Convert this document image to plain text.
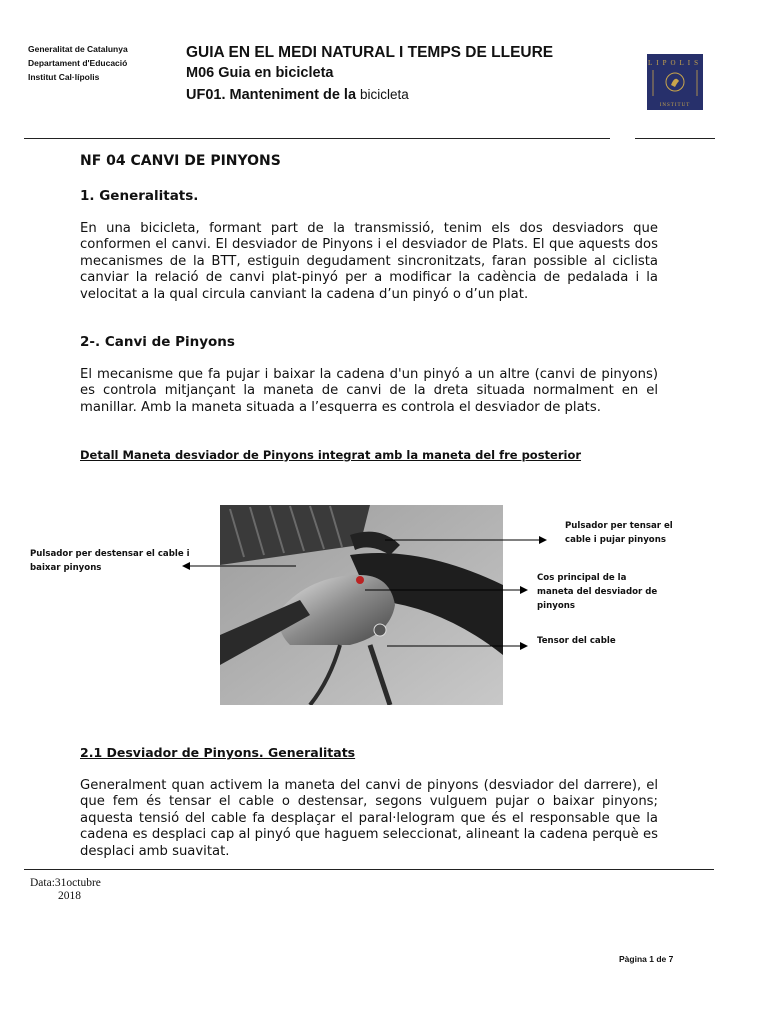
Generalitat de Catalunya
Departament d'Educació
Institut Cal·lípolis
GUIA EN EL MEDI NATURAL I TEMPS DE LLEURE
M06 Guia en bicicleta
UF01. Manteniment de la bicicleta
LIPOLIS
INSTITUT
NF 04 CANVI DE PINYONS
1. Generalitats.
En una bicicleta, formant part de la transmissió, tenim els dos desviadors que conformen el canvi. El desviador de Pinyons i el desviador de Plats. El que aquests dos mecanismes de la BTT, estiguin degudament sincronitzats, faran possible al ciclista canviar la relació de canvi plat-pinyó per a modificar la cadència de pedalada i la velocitat a la qual circula canviant la cadena d’un pinyó o d’un plat.
2-. Canvi de Pinyons
El mecanisme que fa pujar i baixar la cadena d'un pinyó a un altre (canvi de pinyons) es controla mitjançant la maneta de canvi de la dreta situada normalment en el manillar. Amb la maneta situada a l’esquerra es controla el desviador de plats.
Detall Maneta desviador de Pinyons integrat amb la maneta del fre posterior
Pulsador per tensar el
cable i pujar pinyons
Pulsador per destensar el cable i
baixar pinyons
Cos principal de la
maneta del desviador de
pinyons
Tensor del cable
2.1 Desviador de Pinyons. Generalitats
Generalment quan activem la maneta del canvi de pinyons (desviador del darrere), el que fem és tensar el cable o destensar, segons vulguem pujar o baixar pinyons; aquesta tensió del cable fa desplaçar el paral·lelogram que és el responsable que la cadena es desplaci cap al pinyó que haguem seleccionat, alineant la cadena perquè es desplaci amb suavitat.
Data:31octubre
2018
Pàgina 1 de 7
